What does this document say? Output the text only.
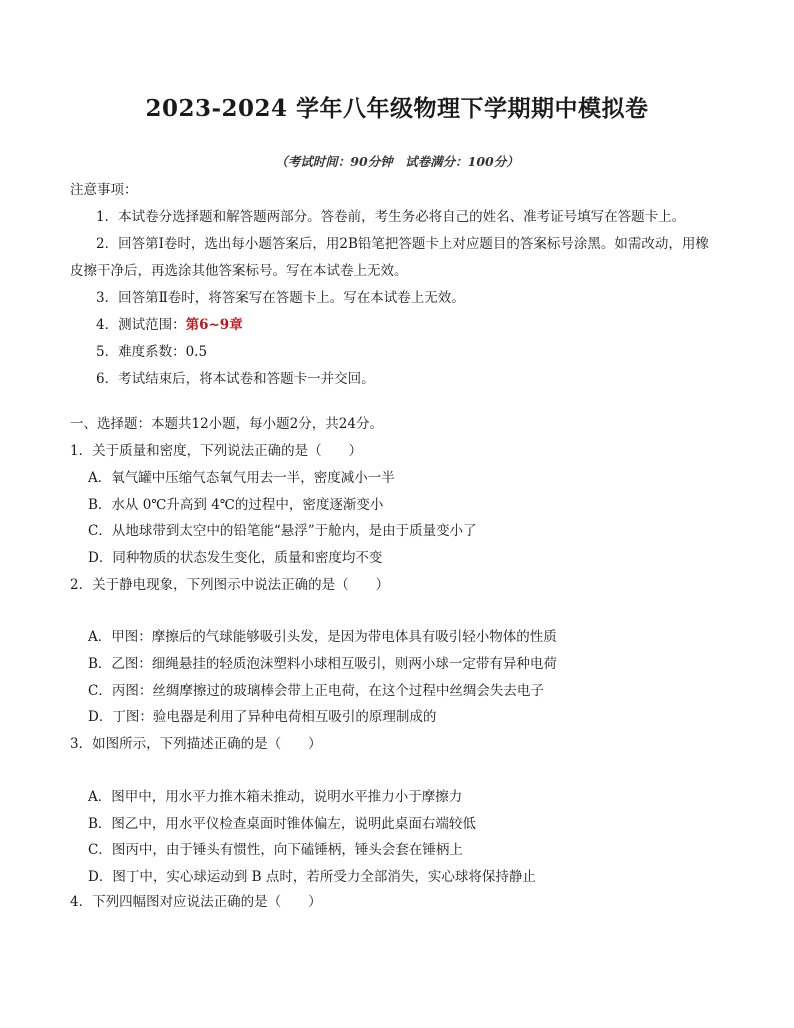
2023-2024 学年八年级物理下学期期中模拟卷
（考试时间：90分钟　试卷满分：100分）
注意事项：
1．本试卷分选择题和解答题两部分。答卷前，考生务必将自己的姓名、准考证号填写在答题卡上。
2．回答第Ⅰ卷时，选出每小题答案后，用2B铅笔把答题卡上对应题目的答案标号涂黑。如需改动，用橡
皮擦干净后，再选涂其他答案标号。写在本试卷上无效。
3．回答第Ⅱ卷时，将答案写在答题卡上。写在本试卷上无效。
4．测试范围：第6~9章
5．难度系数：0.5
6．考试结束后，将本试卷和答题卡一并交回。
一、选择题：本题共12小题，每小题2分，共24分。
1．关于质量和密度，下列说法正确的是（　　）
A．氧气罐中压缩气态氧气用去一半，密度减小一半
B．水从 0℃升高到 4℃的过程中，密度逐渐变小
C．从地球带到太空中的铅笔能“悬浮”于舱内，是由于质量变小了
D．同种物质的状态发生变化，质量和密度均不变
2．关于静电现象，下列图示中说法正确的是（　　）
A．甲图：摩擦后的气球能够吸引头发，是因为带电体具有吸引轻小物体的性质
B．乙图：细绳悬挂的轻质泡沫塑料小球相互吸引，则两小球一定带有异种电荷
C．丙图：丝绸摩擦过的玻璃棒会带上正电荷，在这个过程中丝绸会失去电子
D．丁图：验电器是利用了异种电荷相互吸引的原理制成的
3．如图所示，下列描述正确的是（　　）
A．图甲中，用水平力推木箱未推动，说明水平推力小于摩擦力
B．图乙中，用水平仪检查桌面时锥体偏左，说明此桌面右端较低
C．图丙中，由于锤头有惯性，向下磕锤柄，锤头会套在锤柄上
D．图丁中，实心球运动到 B 点时，若所受力全部消失，实心球将保持静止
4．下列四幅图对应说法正确的是（　　）
